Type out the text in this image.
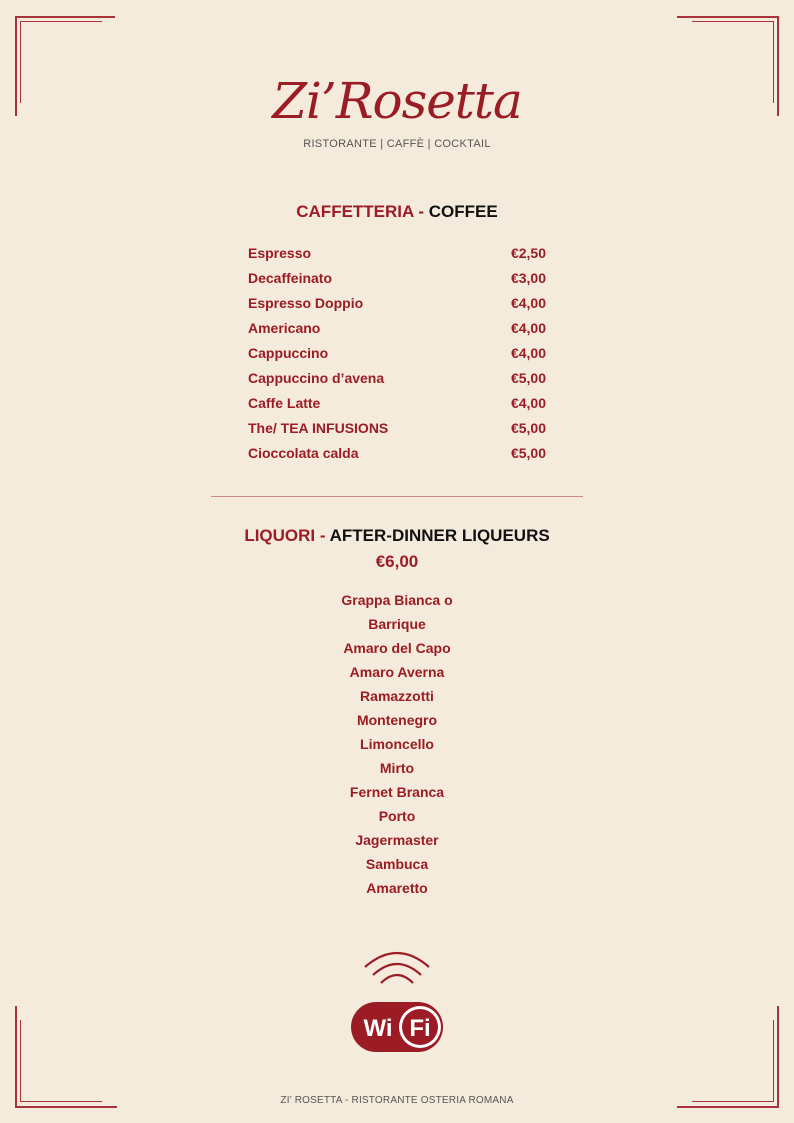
Zi’Rosetta
RISTORANTE | CAFFÈ | COCKTAIL
CAFFETTERIA - COFFEE
Espresso	€2,50
Decaffeinato	€3,00
Espresso Doppio	€4,00
Americano	€4,00
Cappuccino	€4,00
Cappuccino d’avena	€5,00
Caffe Latte	€4,00
The/ TEA INFUSIONS	€5,00
Cioccolata calda	€5,00
LIQUORI - AFTER-DINNER LIQUEURS
€6,00
Grappa Bianca o
Barrique
Amaro del Capo
Amaro Averna
Ramazzotti
Montenegro
Limoncello
Mirto
Fernet Branca
Porto
Jagermaster
Sambuca
Amaretto
Wi Fi
ZI’ ROSETTA - RISTORANTE OSTERIA ROMANA
